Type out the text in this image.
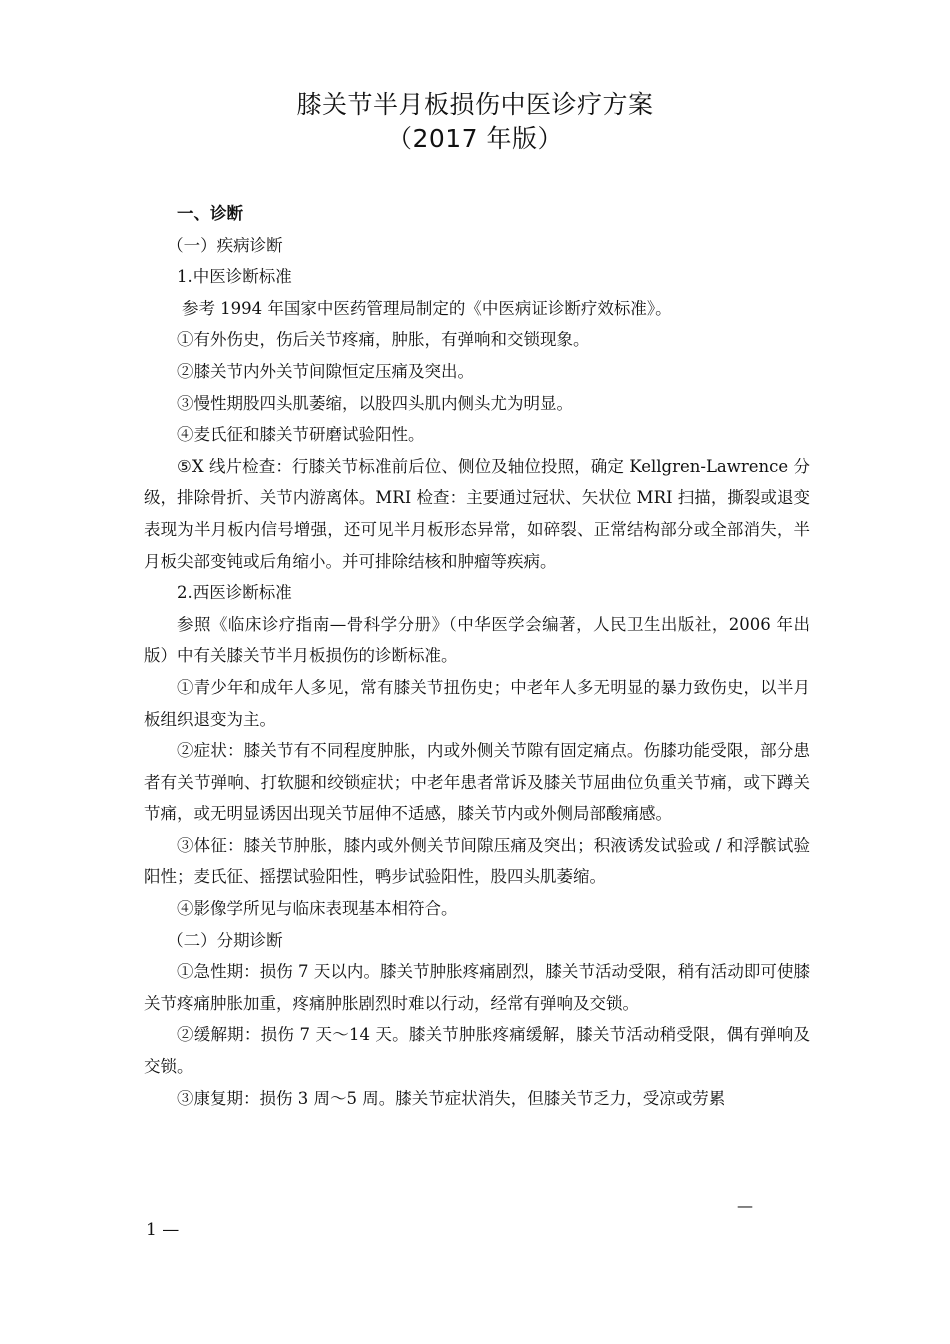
膝关节半月板损伤中医诊疗方案
（2017 年版）

一、诊断

（一）疾病诊断

1.中医诊断标准

参考 1994 年国家中医药管理局制定的《中医病证诊断疗效标准》。

①有外伤史，伤后关节疼痛，肿胀，有弹响和交锁现象。

②膝关节内外关节间隙恒定压痛及突出。

③慢性期股四头肌萎缩，以股四头肌内侧头尤为明显。

④麦氏征和膝关节研磨试验阳性。

⑤X 线片检查：行膝关节标准前后位、侧位及轴位投照，确定 Kellgren-Lawrence 分级，排除骨折、关节内游离体。MRI 检查：主要通过冠状、矢状位 MRI 扫描，撕裂或退变表现为半月板内信号增强，还可见半月板形态异常，如碎裂、正常结构部分或全部消失，半月板尖部变钝或后角缩小。并可排除结核和肿瘤等疾病。

2.西医诊断标准

参照《临床诊疗指南—骨科学分册》（中华医学会编著，人民卫生出版社，2006 年出版）中有关膝关节半月板损伤的诊断标准。

①青少年和成年人多见，常有膝关节扭伤史；中老年人多无明显的暴力致伤史，以半月板组织退变为主。

②症状：膝关节有不同程度肿胀，内或外侧关节隙有固定痛点。伤膝功能受限，部分患者有关节弹响、打软腿和绞锁症状；中老年患者常诉及膝关节屈曲位负重关节痛，或下蹲关节痛，或无明显诱因出现关节屈伸不适感，膝关节内或外侧局部酸痛感。

③体征：膝关节肿胀，膝内或外侧关节间隙压痛及突出；积液诱发试验或 / 和浮髌试验阳性；麦氏征、摇摆试验阳性，鸭步试验阳性，股四头肌萎缩。

④影像学所见与临床表现基本相符合。

（二）分期诊断

①急性期：损伤 7 天以内。膝关节肿胀疼痛剧烈，膝关节活动受限，稍有活动即可使膝关节疼痛肿胀加重，疼痛肿胀剧烈时难以行动，经常有弹响及交锁。

②缓解期：损伤 7 天～14 天。膝关节肿胀疼痛缓解，膝关节活动稍受限，偶有弹响及交锁。

③康复期：损伤 3 周～5 周。膝关节症状消失，但膝关节乏力，受凉或劳累

—
1 —
